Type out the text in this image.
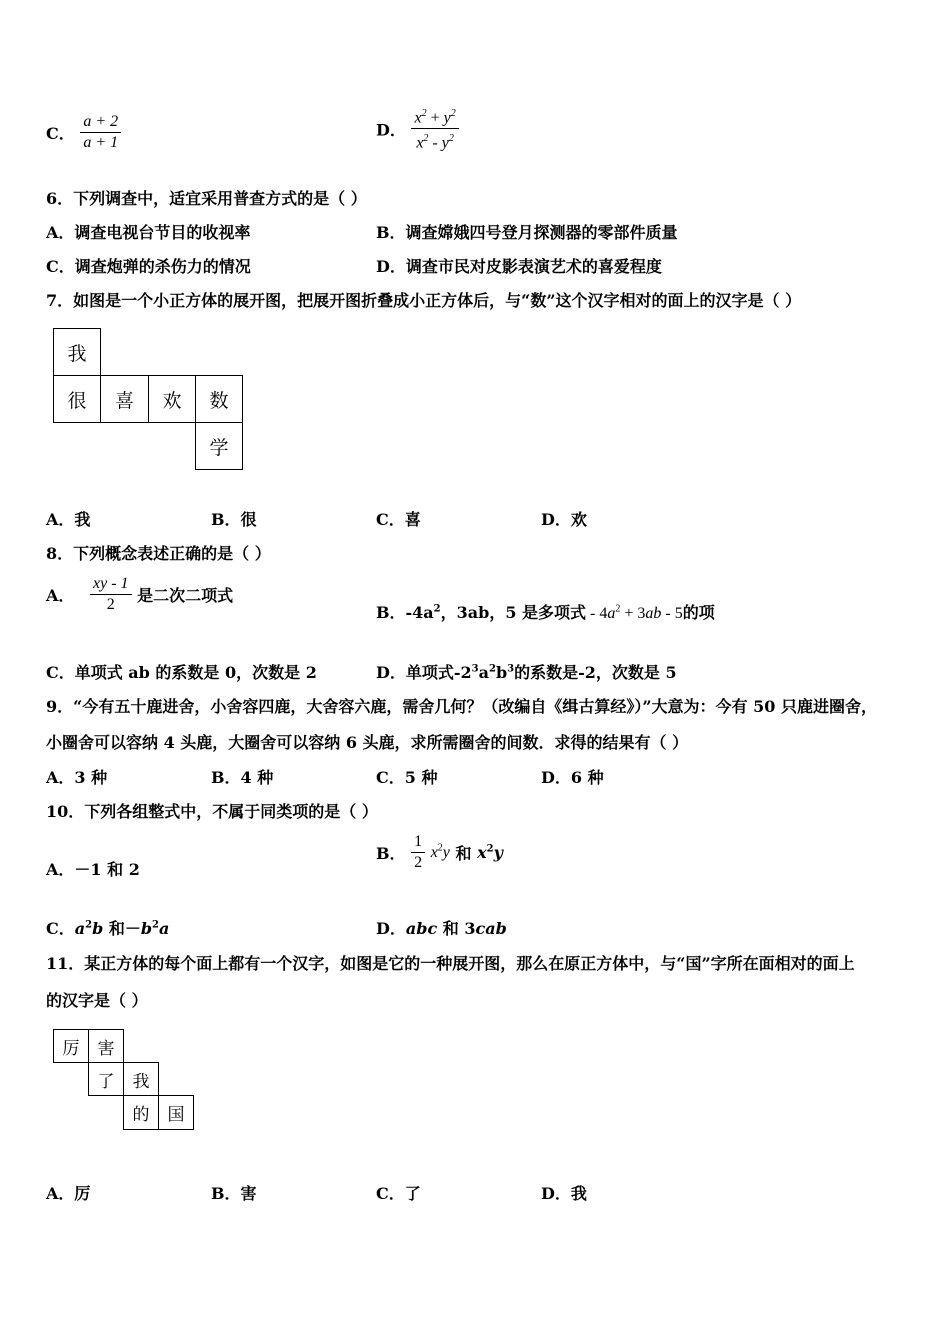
C． $\frac{a + 2}{a + 1}$	D． $\frac{x^2 + y^2}{x^2 - y^2}$
6．下列调查中，适宜采用普查方式的是（ ）
A．调查电视台节目的收视率	B．调查嫦娥四号登月探测器的零部件质量
C．调查炮弹的杀伤力的情况	D．调查市民对皮影表演艺术的喜爱程度
7．如图是一个小正方体的展开图，把展开图折叠成小正方体后，与“数”这个汉字相对的面上的汉字是（ ）
我
很	喜	欢	数
学
A．我	B．很	C．喜	D．欢
8．下列概念表述正确的是（ ）
A． $\frac{xy - 1}{2}$ 是二次二项式
B．$-4a^2$，3ab，5 是多项式 - $4a^2 + 3ab - 5$的项
C．单项式 ab 的系数是 0，次数是 2	D．单项式$-2^3a^2b^3$的系数是-2，次数是 5
9．“今有五十鹿进舍，小舍容四鹿，大舍容六鹿，需舍几何？（改编自《缉古算经》）”大意为：今有 50 只鹿进圈舍，
小圈舍可以容纳 4 头鹿，大圈舍可以容纳 6 头鹿，求所需圈舍的间数．求得的结果有（ ）
A．3 种	B．4 种	C．5 种	D．6 种
10．下列各组整式中，不属于同类项的是（ ）
A．－1 和 2
B． $\frac{1}{2} x^2y$ 和 $x^2y$
C．$a^2b$ 和$-b^2a$	D．abc 和 3cab
11．某正方体的每个面上都有一个汉字，如图是它的一种展开图，那么在原正方体中，与“国”字所在面相对的面上
的汉字是（ ）
厉	害
了	我
的	国
A．厉	B．害	C．了	D．我
